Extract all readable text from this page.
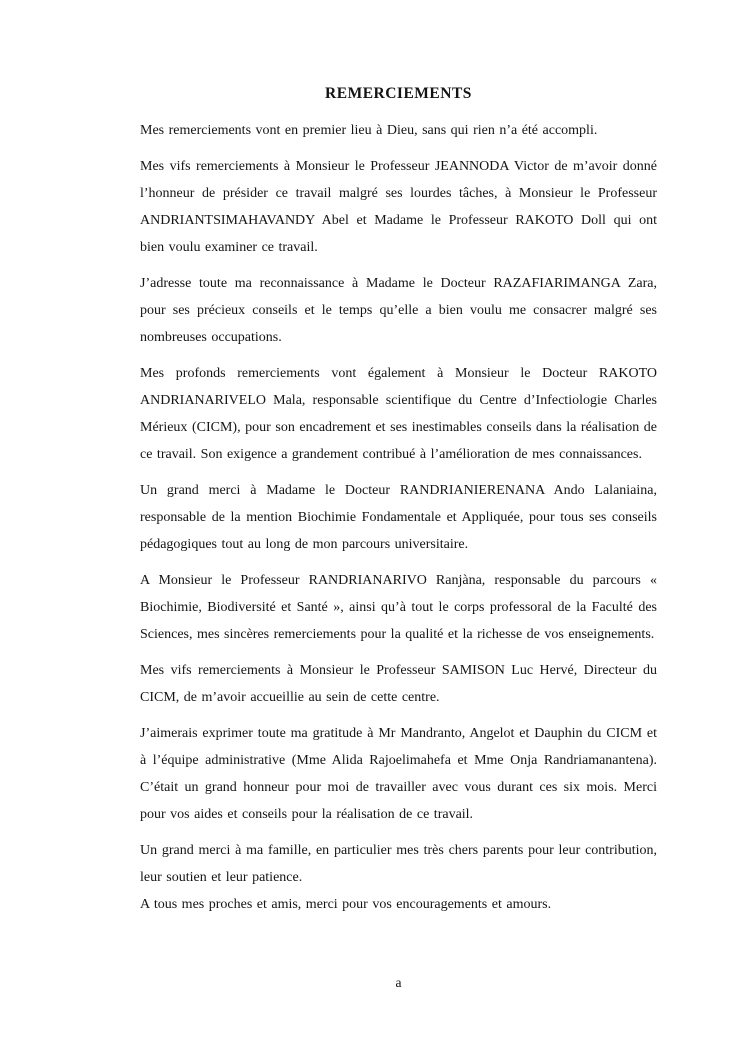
REMERCIEMENTS

Mes remerciements vont en premier lieu à Dieu, sans qui rien n’a été accompli.

Mes vifs remerciements à Monsieur le Professeur JEANNODA Victor de m’avoir donné l’honneur de présider ce travail malgré ses lourdes tâches, à Monsieur le Professeur ANDRIANTSIMAHAVANDY Abel et Madame le Professeur RAKOTO Doll qui ont bien voulu examiner ce travail.

J’adresse toute ma reconnaissance à Madame le Docteur RAZAFIARIMANGA Zara, pour ses précieux conseils et le temps qu’elle a bien voulu me consacrer malgré ses nombreuses occupations.

Mes profonds remerciements vont également à Monsieur le Docteur RAKOTO ANDRIANARIVELO Mala, responsable scientifique du Centre d’Infectiologie Charles Mérieux (CICM), pour son encadrement et ses inestimables conseils dans la réalisation de ce travail. Son exigence a grandement contribué à l’amélioration de mes connaissances.

Un grand merci à Madame le Docteur RANDRIANIERENANA Ando Lalaniaina, responsable de la mention Biochimie Fondamentale et Appliquée, pour tous ses conseils pédagogiques tout au long de mon parcours universitaire.

A Monsieur le Professeur RANDRIANARIVO Ranjàna, responsable du parcours « Biochimie, Biodiversité et Santé », ainsi qu’à tout le corps professoral de la Faculté des Sciences, mes sincères remerciements pour la qualité et la richesse de vos enseignements.

Mes vifs remerciements à Monsieur le Professeur SAMISON Luc Hervé, Directeur du CICM, de m’avoir accueillie au sein de cette centre.

J’aimerais exprimer toute ma gratitude à Mr Mandranto, Angelot et Dauphin du CICM et à l’équipe administrative (Mme Alida Rajoelimahefa et Mme Onja Randriamanantena). C’était un grand honneur pour moi de travailler avec vous durant ces six mois. Merci pour vos aides et conseils pour la réalisation de ce travail.

Un grand merci à ma famille, en particulier mes très chers parents pour leur contribution, leur soutien et leur patience.

A tous mes proches et amis, merci pour vos encouragements et amours.

a
